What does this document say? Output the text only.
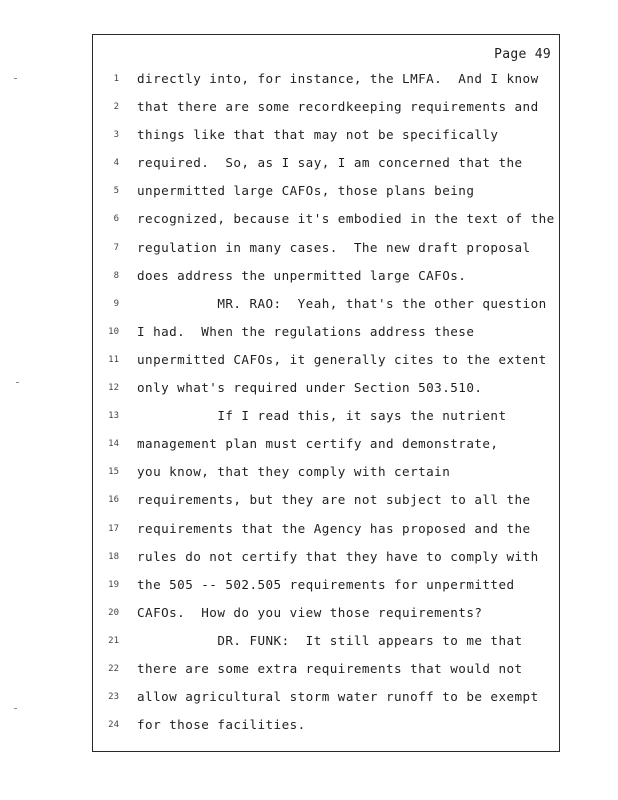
Page 49
1 directly into, for instance, the LMFA.  And I know
2 that there are some recordkeeping requirements and
3 things like that that may not be specifically
4 required.  So, as I say, I am concerned that the
5 unpermitted large CAFOs, those plans being
6 recognized, because it's embodied in the text of the
7 regulation in many cases.  The new draft proposal
8 does address the unpermitted large CAFOs.
9 MR. RAO:  Yeah, that's the other question
10 I had.  When the regulations address these
11 unpermitted CAFOs, it generally cites to the extent
12 only what's required under Section 503.510.
13 If I read this, it says the nutrient
14 management plan must certify and demonstrate,
15 you know, that they comply with certain
16 requirements, but they are not subject to all the
17 requirements that the Agency has proposed and the
18 rules do not certify that they have to comply with
19 the 505 -- 502.505 requirements for unpermitted
20 CAFOs.  How do you view those requirements?
21 DR. FUNK:  It still appears to me that
22 there are some extra requirements that would not
23 allow agricultural storm water runoff to be exempt
24 for those facilities.
